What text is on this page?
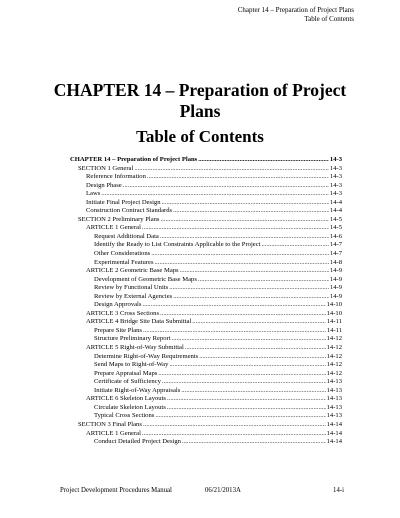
Chapter 14 – Preparation of Project Plans
Table of Contents
CHAPTER 14 – Preparation of Project Plans
Table of Contents
CHAPTER 14 – Preparation of Project Plans .....	14-3
SECTION 1 General .....	14-3
Reference Information .....	14-3
Design Phase .....	14-3
Laws .....	14-3
Initiate Final Project Design .....	14-4
Construction Contract Standards .....	14-4
SECTION 2 Preliminary Plans .....	14-5
ARTICLE 1 General .....	14-5
Request Additional Data .....	14-6
Identify the Ready to List Constraints Applicable to the Project .....	14-7
Other Considerations .....	14-7
Experimental Features .....	14-8
ARTICLE 2 Geometric Base Maps .....	14-9
Development of Geometric Base Maps .....	14-9
Review by Functional Units .....	14-9
Review by External Agencies .....	14-9
Design Approvals .....	14-10
ARTICLE 3 Cross Sections .....	14-10
ARTICLE 4 Bridge Site Data Submittal .....	14-11
Prepare Site Plans .....	14-11
Structure Preliminary Report .....	14-12
ARTICLE 5 Right-of-Way Submittal .....	14-12
Determine Right-of-Way Requirements .....	14-12
Send Maps to Right-of-Way .....	14-12
Prepare Appraisal Maps .....	14-12
Certificate of Sufficiency .....	14-13
Initiate Right-of-Way Appraisals .....	14-13
ARTICLE 6 Skeleton Layouts .....	14-13
Circulate Skeleton Layouts .....	14-13
Typical Cross Sections .....	14-13
SECTION 3 Final Plans .....	14-14
ARTICLE 1 General .....	14-14
Conduct Detailed Project Design .....	14-14
Project Development Procedures Manual	06/21/2013A	14-i
